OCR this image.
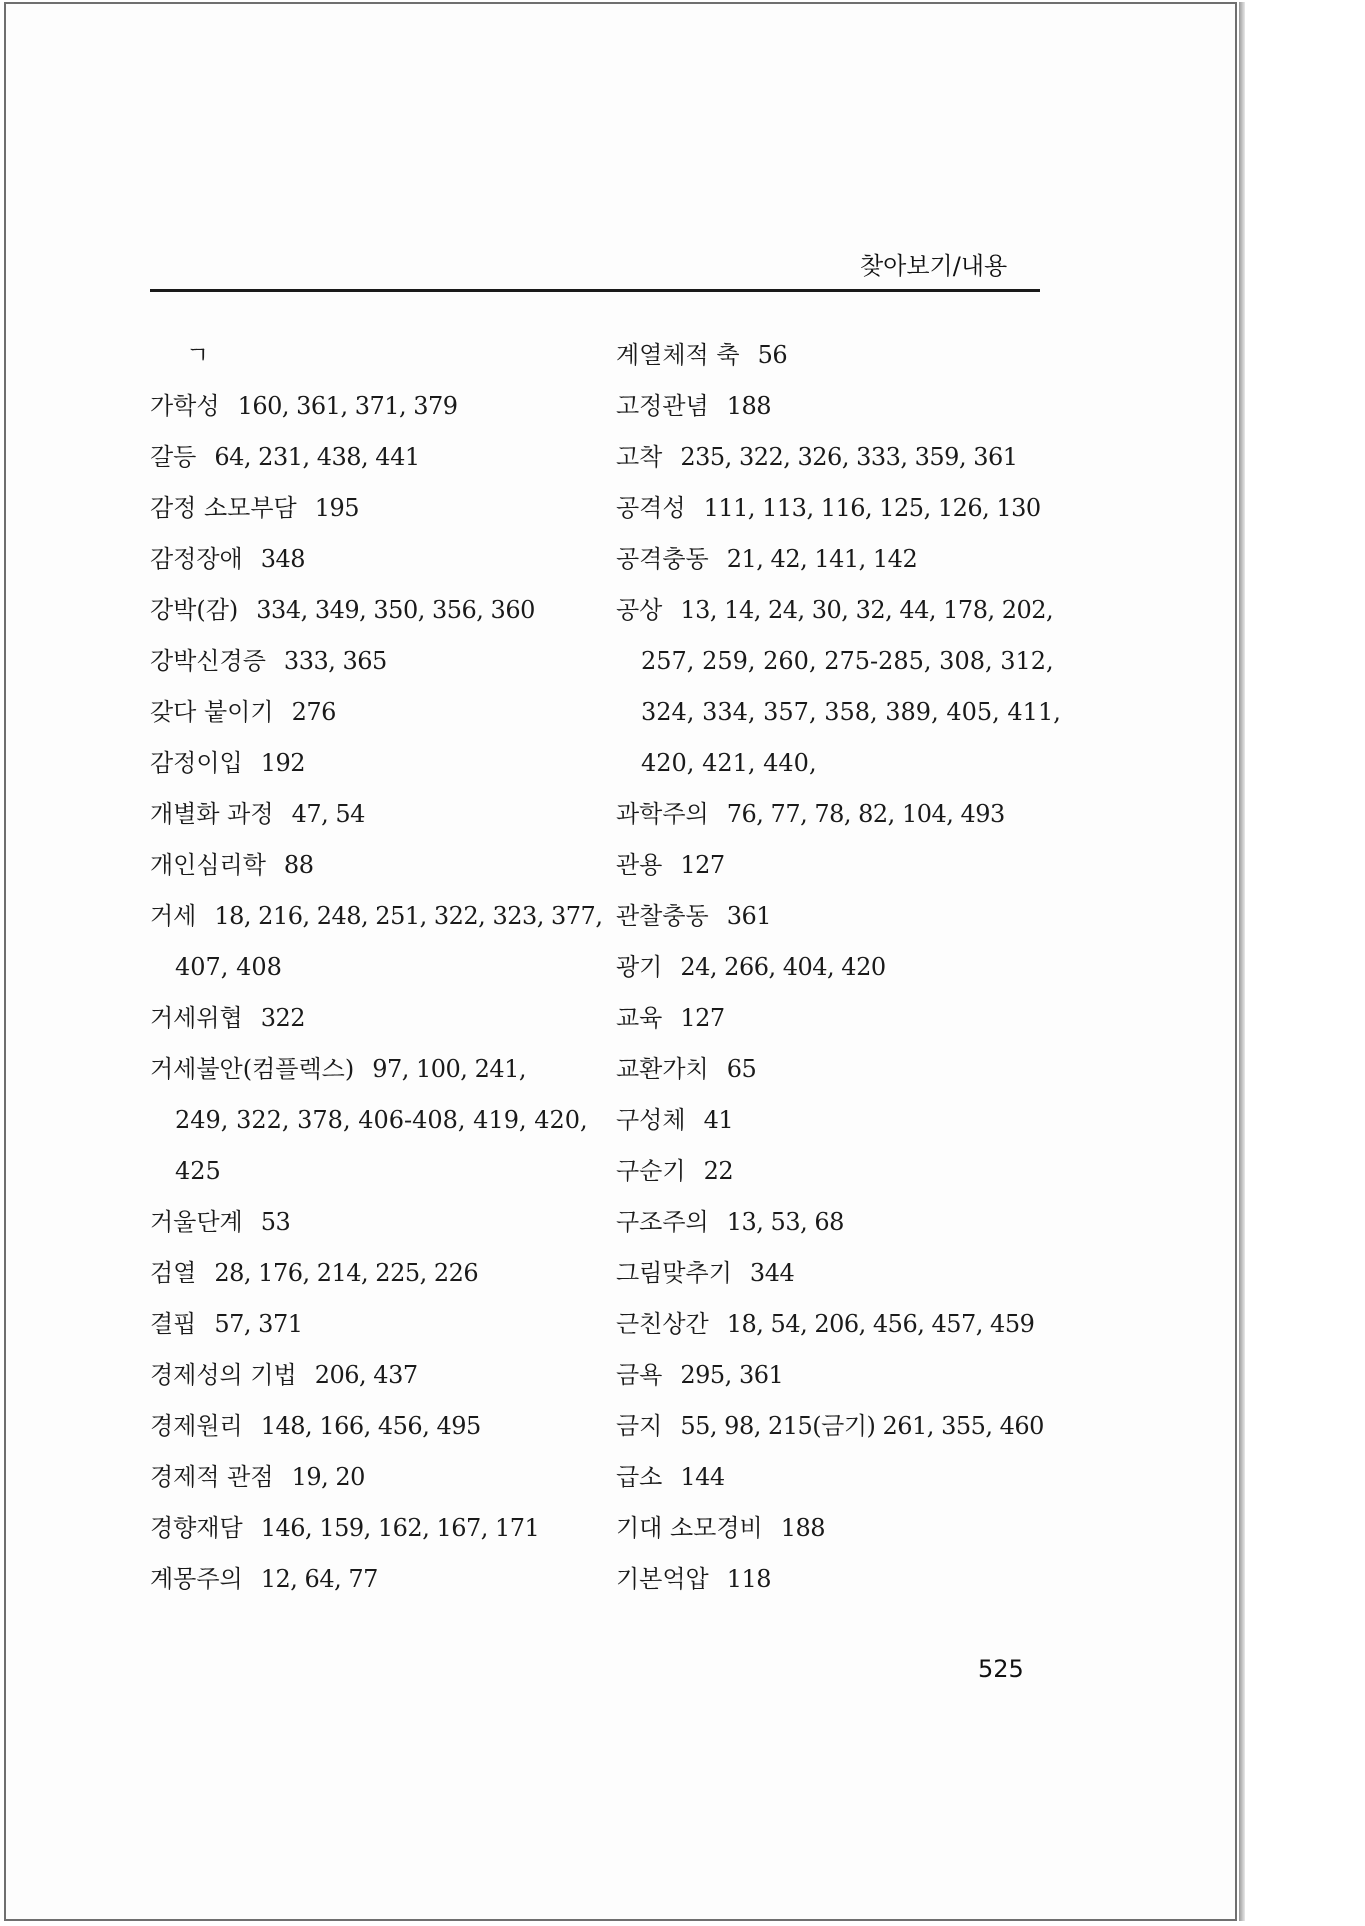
찾아보기/내용
ㄱ
가학성 160, 361, 371, 379
갈등 64, 231, 438, 441
감정 소모부담 195
감정장애 348
강박(감) 334, 349, 350, 356, 360
강박신경증 333, 365
갖다 붙이기 276
감정이입 192
개별화 과정 47, 54
개인심리학 88
거세 18, 216, 248, 251, 322, 323, 377,
407, 408
거세위협 322
거세불안(컴플렉스) 97, 100, 241,
249, 322, 378, 406-408, 419, 420,
425
거울단계 53
검열 28, 176, 214, 225, 226
결핍 57, 371
경제성의 기법 206, 437
경제원리 148, 166, 456, 495
경제적 관점 19, 20
경향재담 146, 159, 162, 167, 171
계몽주의 12, 64, 77
계열체적 축 56
고정관념 188
고착 235, 322, 326, 333, 359, 361
공격성 111, 113, 116, 125, 126, 130
공격충동 21, 42, 141, 142
공상 13, 14, 24, 30, 32, 44, 178, 202,
257, 259, 260, 275-285, 308, 312,
324, 334, 357, 358, 389, 405, 411,
420, 421, 440,
과학주의 76, 77, 78, 82, 104, 493
관용 127
관찰충동 361
광기 24, 266, 404, 420
교육 127
교환가치 65
구성체 41
구순기 22
구조주의 13, 53, 68
그림맞추기 344
근친상간 18, 54, 206, 456, 457, 459
금욕 295, 361
금지 55, 98, 215(금기) 261, 355, 460
급소 144
기대 소모경비 188
기본억압 118
525
